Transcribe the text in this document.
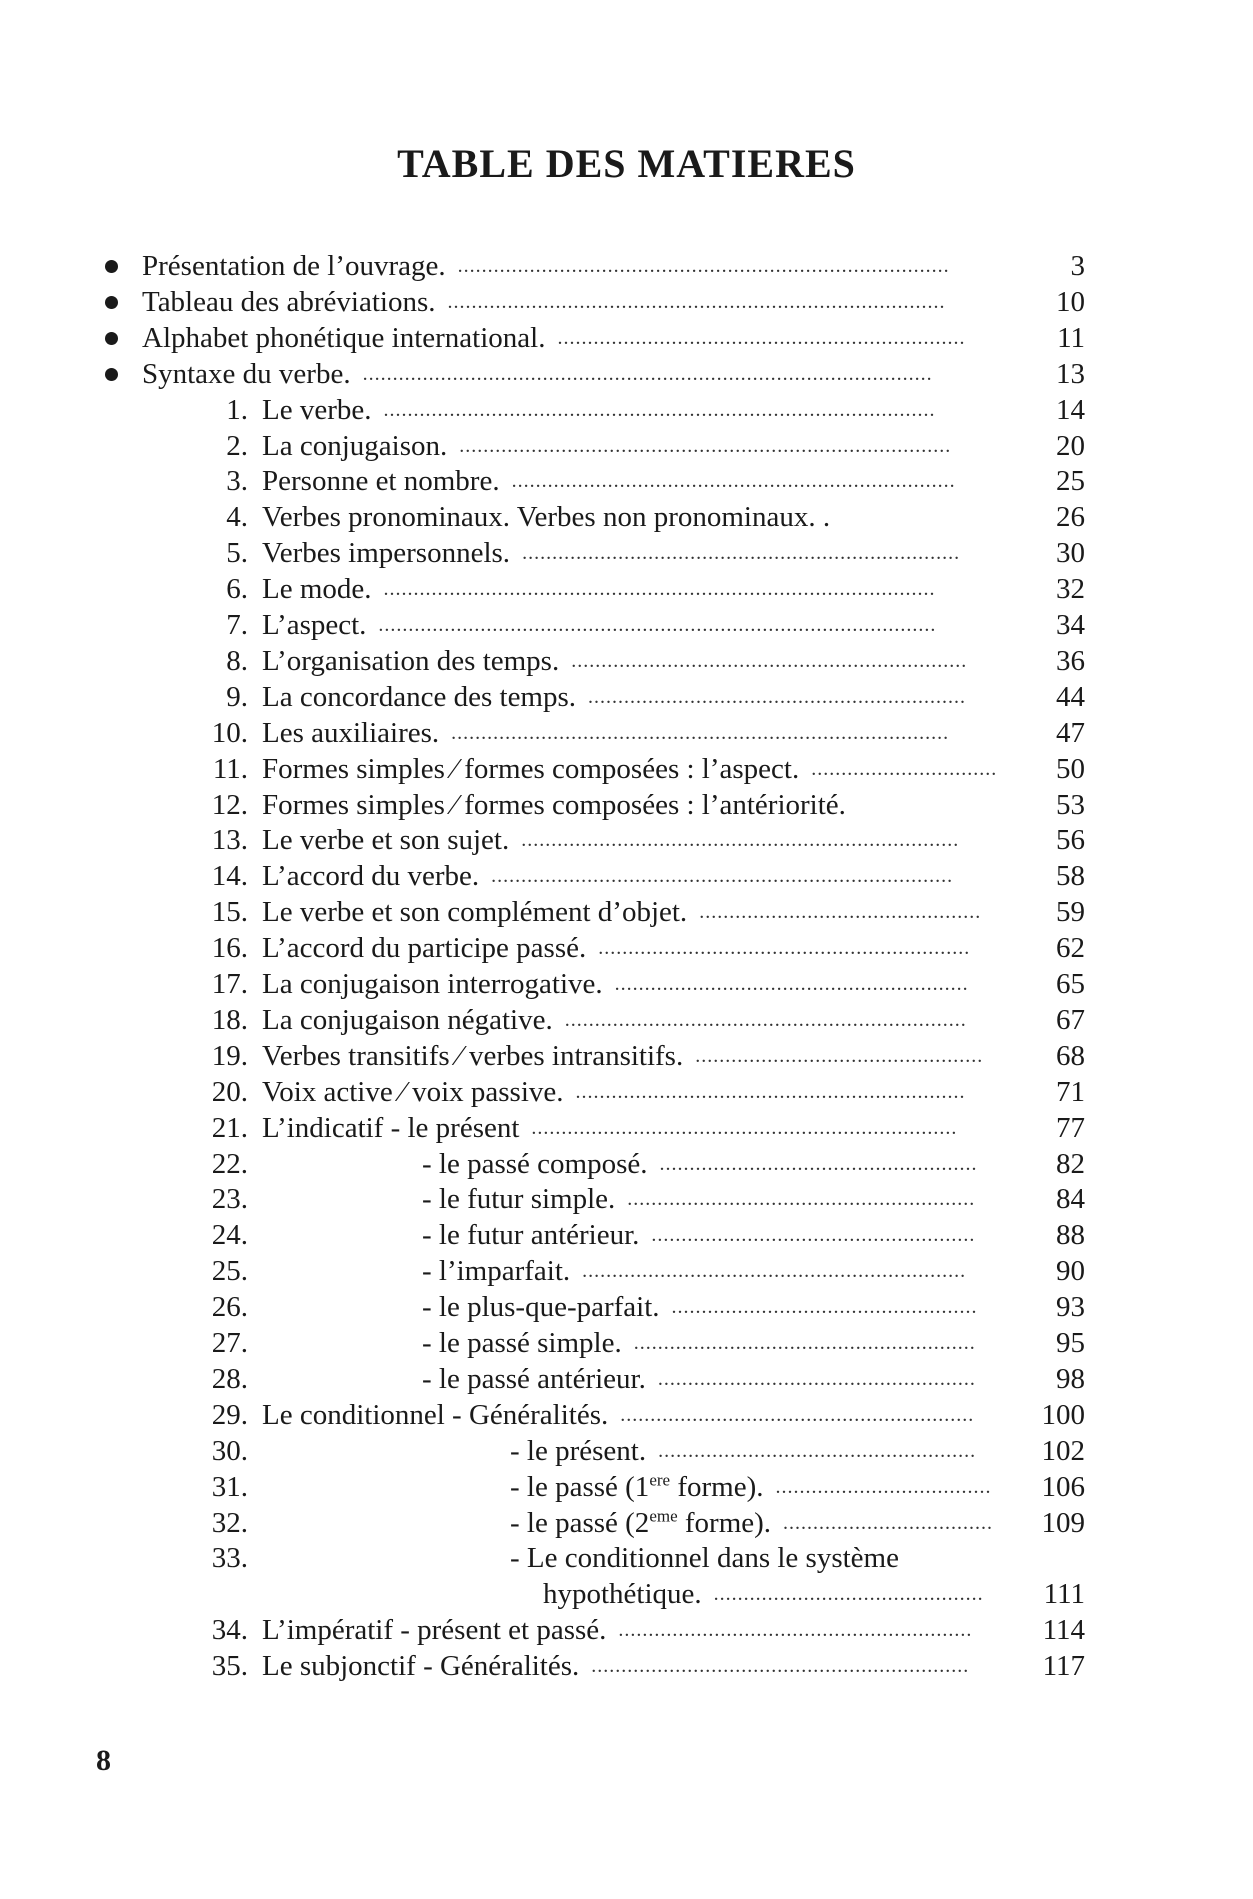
TABLE DES MATIERES
Présentation de l’ouvrage. ..................................................................................	3
Tableau des abréviations. ...................................................................................	10
Alphabet phonétique international. ....................................................................	11
Syntaxe du verbe. ...............................................................................................	13
1. Le verbe. ............................................................................................	14
2. La conjugaison. ..................................................................................	20
3. Personne et nombre. ..........................................................................	25
4. Verbes pronominaux. Verbes non pronominaux. .	26
5. Verbes impersonnels. .........................................................................	30
6. Le mode. ............................................................................................	32
7. L’aspect. .............................................................................................	34
8. L’organisation des temps. ..................................................................	36
9. La concordance des temps. ...............................................................	44
10. Les auxiliaires. ...................................................................................	47
11. Formes simples ⁄ formes composées : l’aspect. ...............................	50
12. Formes simples ⁄ formes composées : l’antériorité.	53
13. Le verbe et son sujet. .........................................................................	56
14. L’accord du verbe. .............................................................................	58
15. Le verbe et son complément d’objet. ...............................................	59
16. L’accord du participe passé. ..............................................................	62
17. La conjugaison interrogative. ...........................................................	65
18. La conjugaison négative. ...................................................................	67
19. Verbes transitifs ⁄ verbes intransitifs. ................................................	68
20. Voix active ⁄ voix passive. .................................................................	71
21. L’indicatif - le présent .......................................................................	77
22.	- le passé composé. .....................................................	82
23.	- le futur simple. ..........................................................	84
24.	- le futur antérieur. ......................................................	88
25.	- l’imparfait. ................................................................	90
26.	- le plus-que-parfait. ...................................................	93
27.	- le passé simple. .........................................................	95
28.	- le passé antérieur. .....................................................	98
29. Le conditionnel - Généralités. ...........................................................	100
30.	- le présent. .....................................................	102
31.	- le passé (1ere forme). ....................................	106
32.	- le passé (2eme forme). ...................................	109
33.	- Le conditionnel dans le système
hypothétique. .............................................	111
34. L’impératif - présent et passé. ...........................................................	114
35. Le subjonctif - Généralités. ...............................................................	117
8
